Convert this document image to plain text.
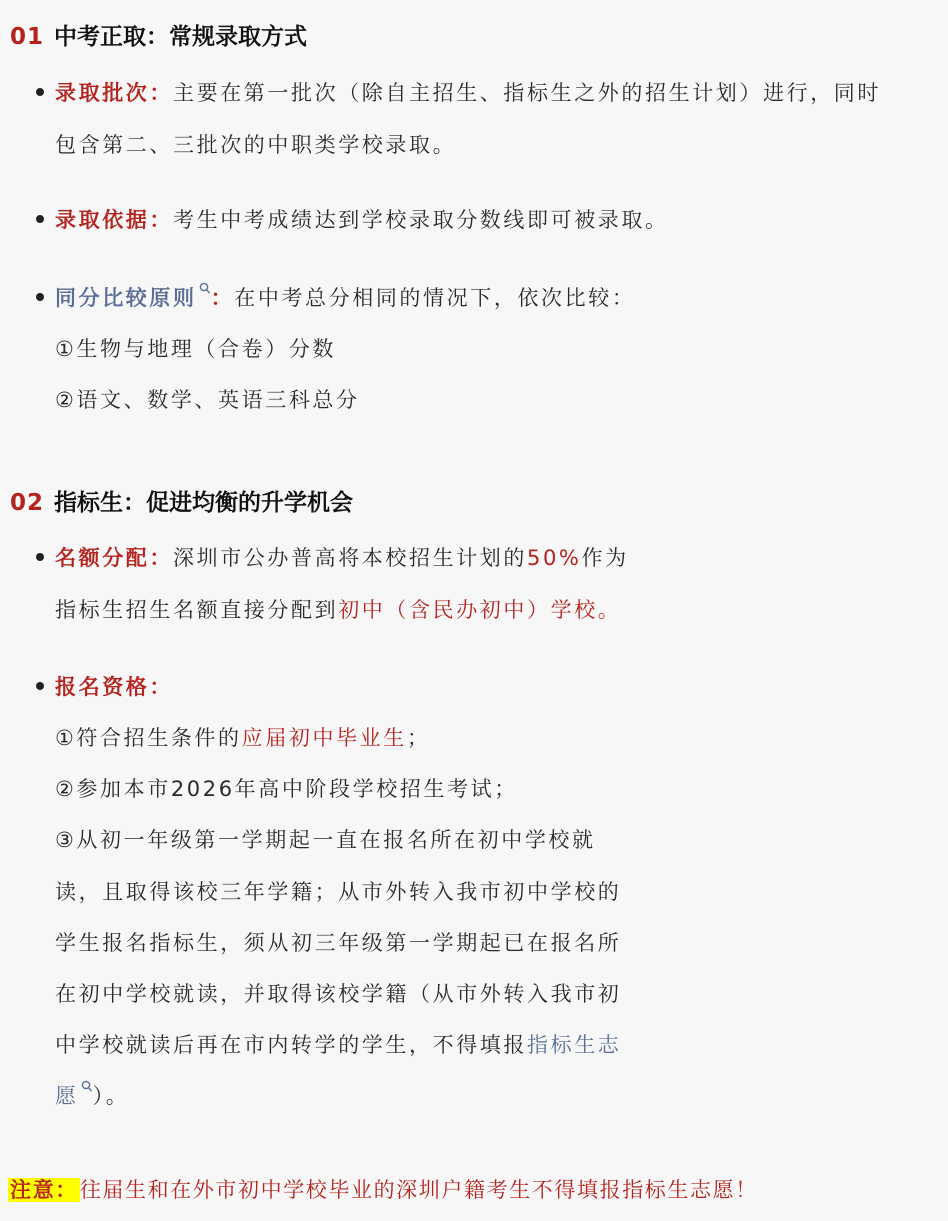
01 中考正取：常规录取方式
录取批次：主要在第一批次（除自主招生、指标生之外的招生计划）进行，同时
包含第二、三批次的中职类学校录取。
录取依据：考生中考成绩达到学校录取分数线即可被录取。
同分比较原则 ：在中考总分相同的情况下，依次比较：
①生物与地理（合卷）分数
②语文、数学、英语三科总分
02 指标生：促进均衡的升学机会
名额分配：深圳市公办普高将本校招生计划的50%作为
指标生招生名额直接分配到初中（含民办初中）学校。
报名资格：
①符合招生条件的应届初中毕业生；
②参加本市2026年高中阶段学校招生考试；
③从初一年级第一学期起一直在报名所在初中学校就
读，且取得该校三年学籍；从市外转入我市初中学校的
学生报名指标生，须从初三年级第一学期起已在报名所
在初中学校就读，并取得该校学籍（从市外转入我市初
中学校就读后再在市内转学的学生，不得填报指标生志
愿 ）。
注意：往届生和在外市初中学校毕业的深圳户籍考生不得填报指标生志愿！
